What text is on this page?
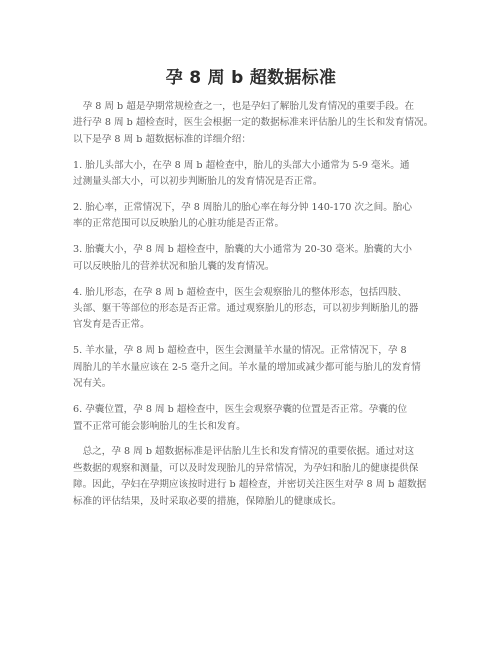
孕 8 周 b 超数据标准
　孕 8 周 b 超是孕期常规检查之一，也是孕妇了解胎儿发育情况的重要手段。在
进行孕 8 周 b 超检查时，医生会根据一定的数据标准来评估胎儿的生长和发育情况。
以下是孕 8 周 b 超数据标准的详细介绍：
1. 胎儿头部大小，在孕 8 周 b 超检查中，胎儿的头部大小通常为 5-9 毫米。通
过测量头部大小，可以初步判断胎儿的发育情况是否正常。
2. 胎心率，正常情况下，孕 8 周胎儿的胎心率在每分钟 140-170 次之间。胎心
率的正常范围可以反映胎儿的心脏功能是否正常。
3. 胎囊大小，孕 8 周 b 超检查中，胎囊的大小通常为 20-30 毫米。胎囊的大小
可以反映胎儿的营养状况和胎儿囊的发育情况。
4. 胎儿形态，在孕 8 周 b 超检查中，医生会观察胎儿的整体形态，包括四肢、
头部、躯干等部位的形态是否正常。通过观察胎儿的形态，可以初步判断胎儿的器
官发育是否正常。
5. 羊水量，孕 8 周 b 超检查中，医生会测量羊水量的情况。正常情况下，孕 8
周胎儿的羊水量应该在 2-5 毫升之间。羊水量的增加或减少都可能与胎儿的发育情
况有关。
6. 孕囊位置，孕 8 周 b 超检查中，医生会观察孕囊的位置是否正常。孕囊的位
置不正常可能会影响胎儿的生长和发育。
　总之，孕 8 周 b 超数据标准是评估胎儿生长和发育情况的重要依据。通过对这
些数据的观察和测量，可以及时发现胎儿的异常情况，为孕妇和胎儿的健康提供保
障。因此，孕妇在孕期应该按时进行 b 超检查，并密切关注医生对孕 8 周 b 超数据
标准的评估结果，及时采取必要的措施，保障胎儿的健康成长。
